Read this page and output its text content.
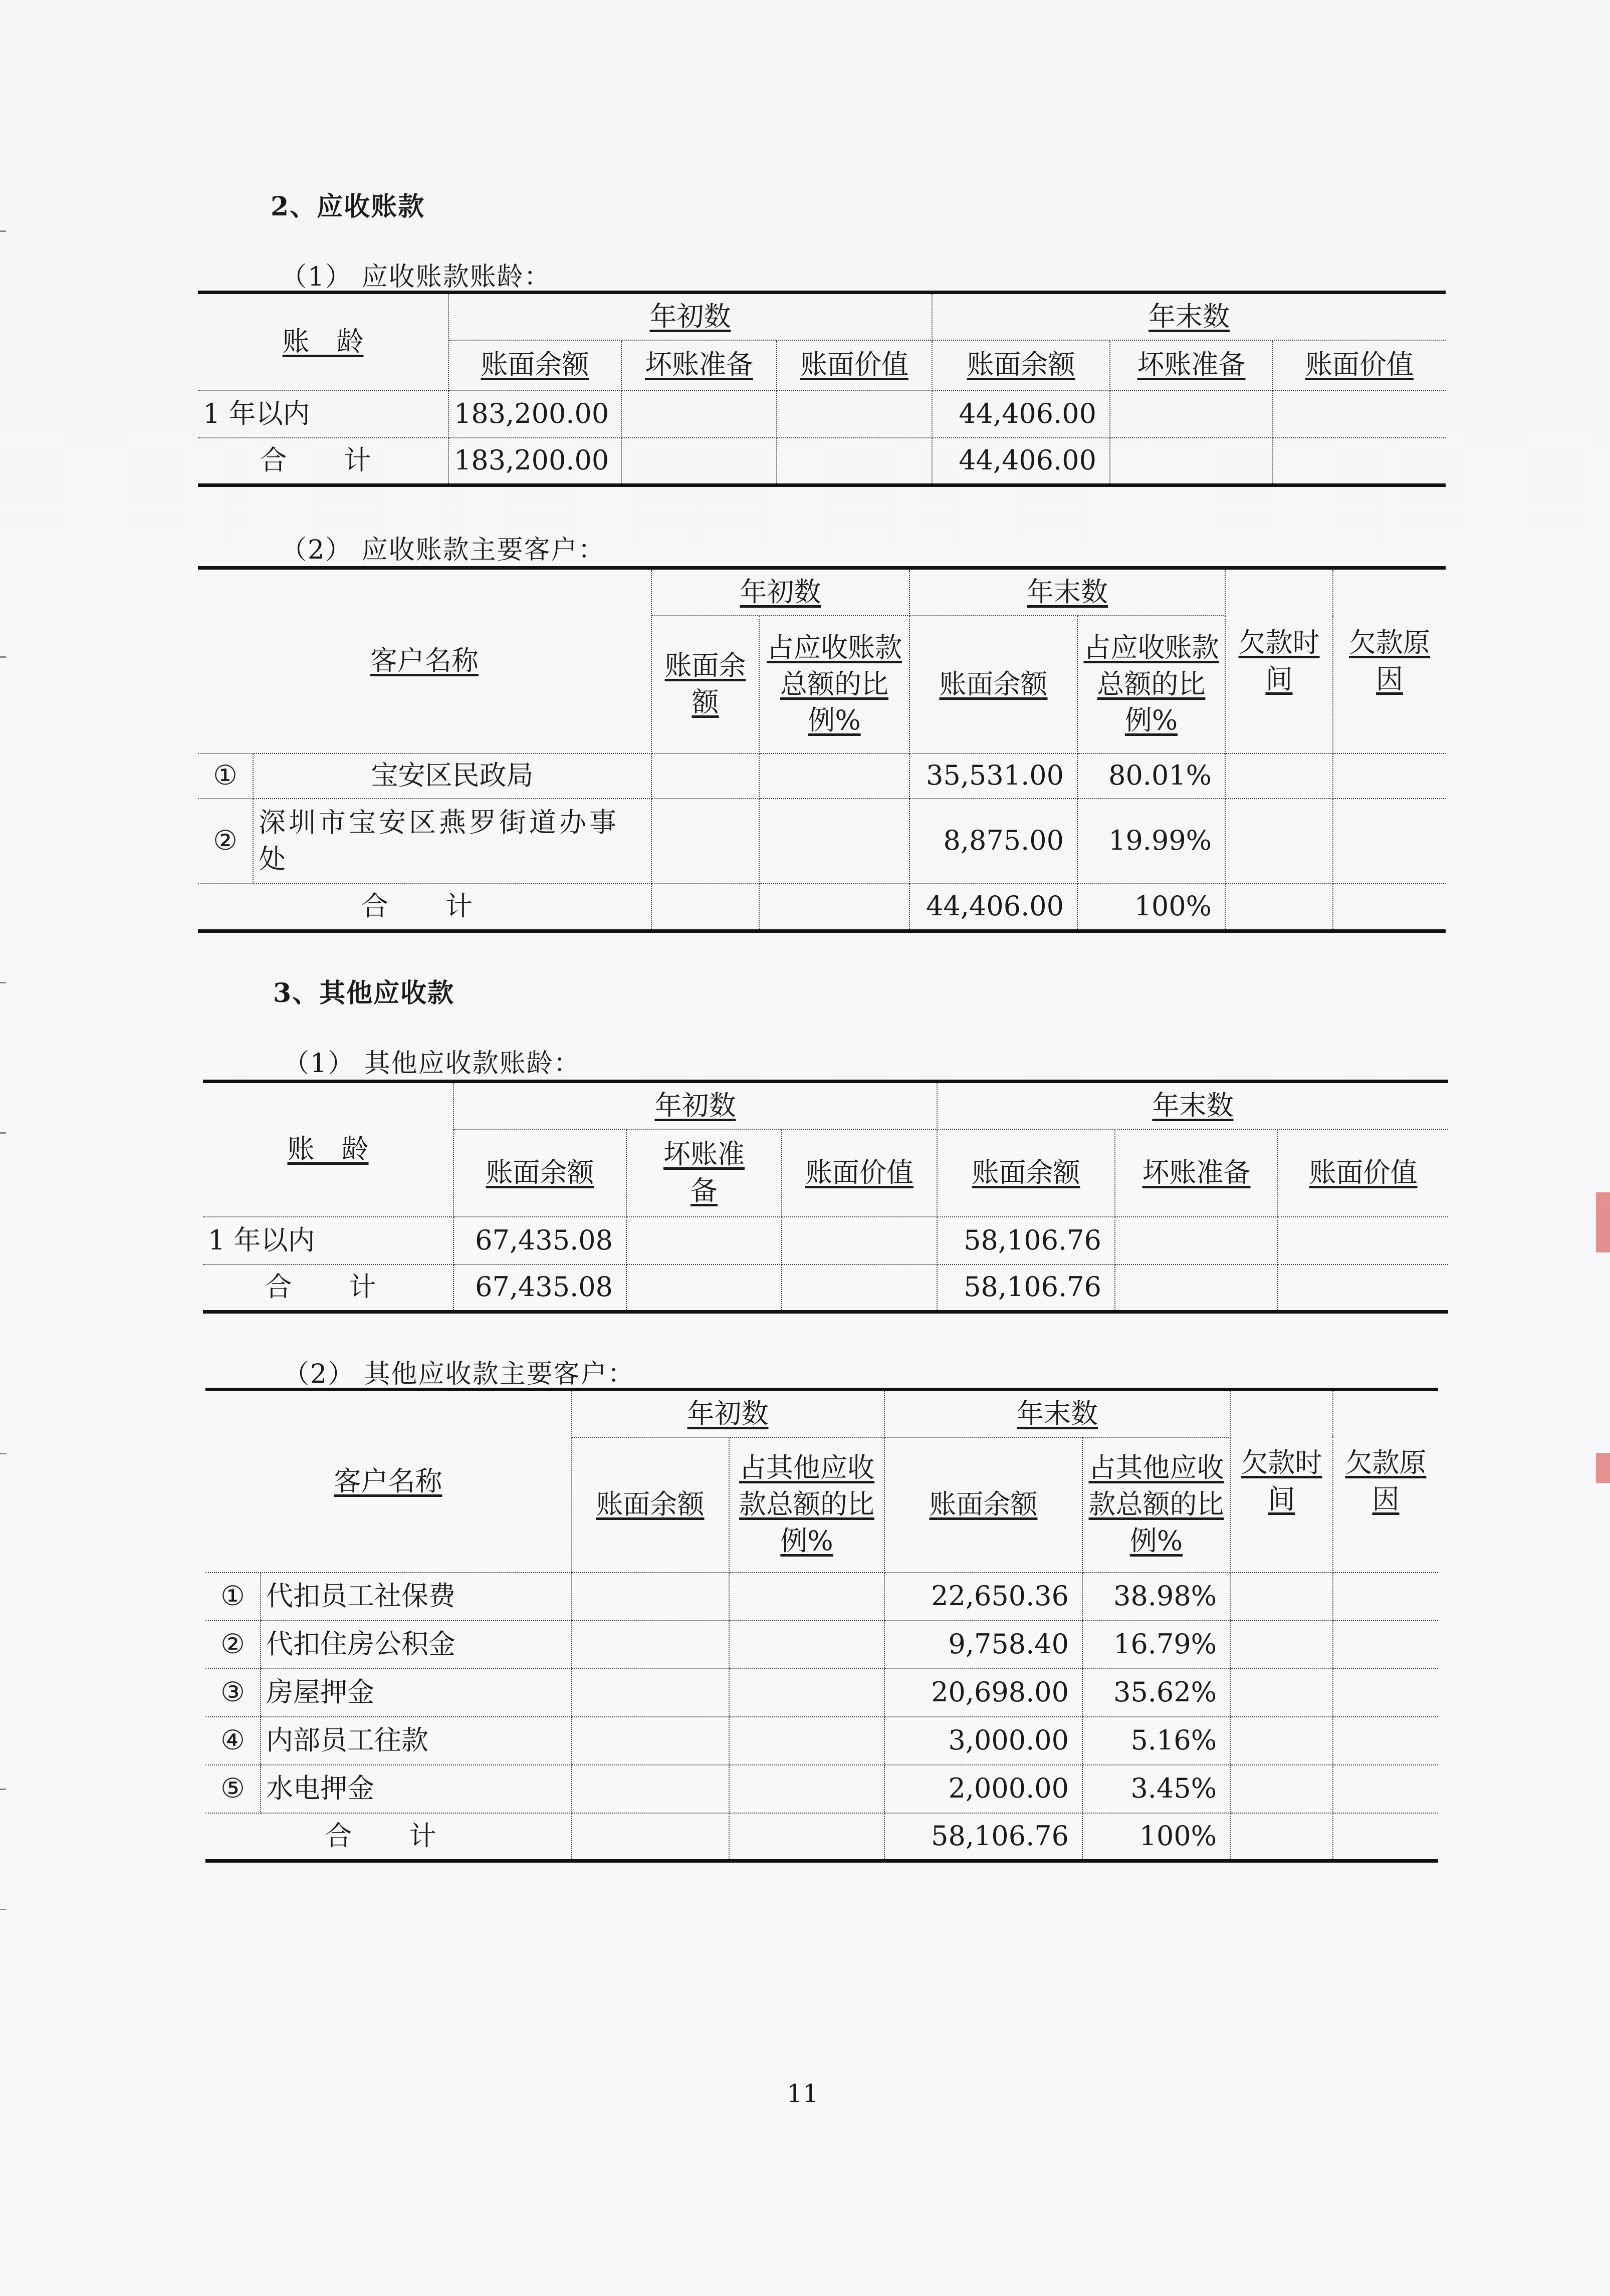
2、应收账款
（1） 应收账款账龄：
账　龄	年初数			年末数		
	账面余额	坏账准备	账面价值	账面余额	坏账准备	账面价值
1 年以内	183,200.00			44,406.00		
合　计	183,200.00			44,406.00		
（2） 应收账款主要客户：
客户名称		年初数		年末数		欠款时间	欠款原因
		账面余额	占应收账款总额的比例%	账面余额	占应收账款总额的比例%		
①	宝安区民政局			35,531.00	80.01%		
②	深圳市宝安区燕罗街道办事处			8,875.00	19.99%		
合　计				44,406.00	100%		
3、其他应收款
（1） 其他应收款账龄：
账　龄	年初数			年末数		
	账面余额	坏账准备	账面价值	账面余额	坏账准备	账面价值
1 年以内	67,435.08			58,106.76		
合　计	67,435.08			58,106.76		
（2） 其他应收款主要客户：
客户名称		年初数		年末数		欠款时间	欠款原因
		账面余额	占其他应收款总额的比例%	账面余额	占其他应收款总额的比例%		
①	代扣员工社保费			22,650.36	38.98%		
②	代扣住房公积金			9,758.40	16.79%		
③	房屋押金			20,698.00	35.62%		
④	内部员工往款			3,000.00	5.16%		
⑤	水电押金			2,000.00	3.45%		
合　计				58,106.76	100%		
11
